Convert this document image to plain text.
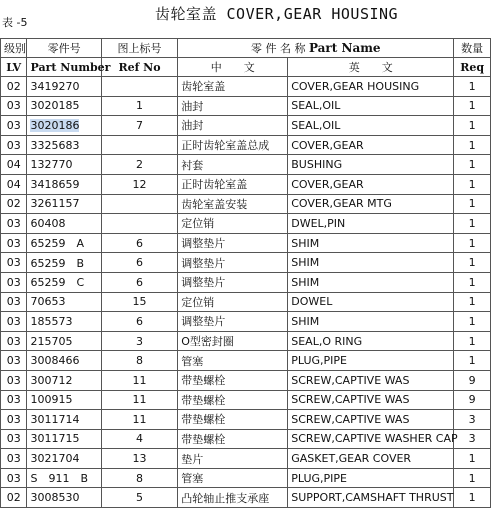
表 -5	齿轮室盖 COVER,GEAR HOUSING
级别	零件号	图上标号	零 件 名 称 Part Name		数量
LV	Part Number	Ref No	中　　文	英　　文	Req
02	3419270		齿轮室盖	COVER,GEAR HOUSING	1
03	3020185	1	油封	SEAL,OIL	1
03	3020186	7	油封	SEAL,OIL	1
03	3325683		正时齿轮室盖总成	COVER,GEAR	1
04	132770	2	衬套	BUSHING	1
04	3418659	12	正时齿轮室盖	COVER,GEAR	1
02	3261157		齿轮室盖安装	COVER,GEAR MTG	1
03	60408		定位销	DWEL,PIN	1
03	65259　A	6	调整垫片	SHIM	1
03	65259　B	6	调整垫片	SHIM	1
03	65259　C	6	调整垫片	SHIM	1
03	70653	15	定位销	DOWEL	1
03	185573	6	调整垫片	SHIM	1
03	215705	3	O型密封圈	SEAL,O RING	1
03	3008466	8	管塞	PLUG,PIPE	1
03	300712	11	带垫螺栓	SCREW,CAPTIVE WAS	9
03	100915	11	带垫螺栓	SCREW,CAPTIVE WAS	9
03	3011714	11	带垫螺栓	SCREW,CAPTIVE WAS	3
03	3011715	4	带垫螺栓	SCREW,CAPTIVE WASHER CAP	3
03	3021704	13	垫片	GASKET,GEAR COVER	1
03	S　911　B	8	管塞	PLUG,PIPE	1
02	3008530	5	凸轮轴止推支承座	SUPPORT,CAMSHAFT THRUST	1
